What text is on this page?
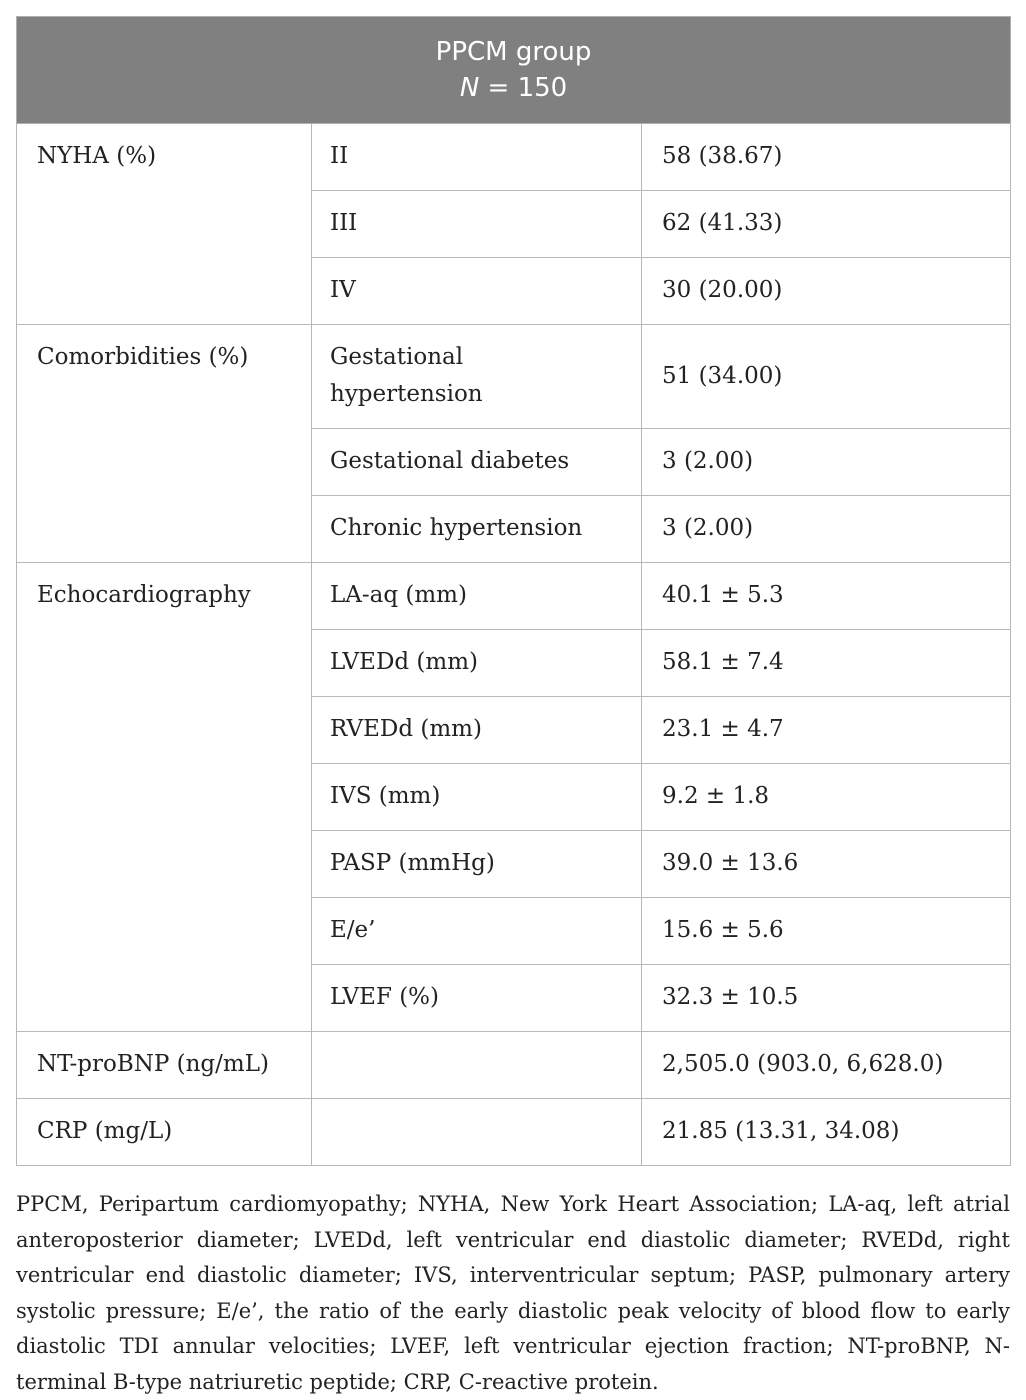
PPCM group
N = 150		

NYHA (%)	II	58 (38.67)
	III	62 (41.33)
	IV	30 (20.00)
Comorbidities (%)	Gestational hypertension	51 (34.00)
	Gestational diabetes	3 (2.00)
	Chronic hypertension	3 (2.00)
Echocardiography	LA-aq (mm)	40.1 ± 5.3
	LVEDd (mm)	58.1 ± 7.4
	RVEDd (mm)	23.1 ± 4.7
	IVS (mm)	9.2 ± 1.8
	PASP (mmHg)	39.0 ± 13.6
	E/e’	15.6 ± 5.6
	LVEF (%)	32.3 ± 10.5
NT-proBNP (ng/mL)		2,505.0 (903.0, 6,628.0)
CRP (mg/L)		21.85 (13.31, 34.08)

PPCM, Peripartum cardiomyopathy; NYHA, New York Heart Association; LA-aq, left atrial anteroposterior diameter; LVEDd, left ventricular end diastolic diameter; RVEDd, right ventricular end diastolic diameter; IVS, interventricular septum; PASP, pulmonary artery systolic pressure; E/e’, the ratio of the early diastolic peak velocity of blood flow to early diastolic TDI annular velocities; LVEF, left ventricular ejection fraction; NT-proBNP, N-terminal B-type natriuretic peptide; CRP, C-reactive protein.
